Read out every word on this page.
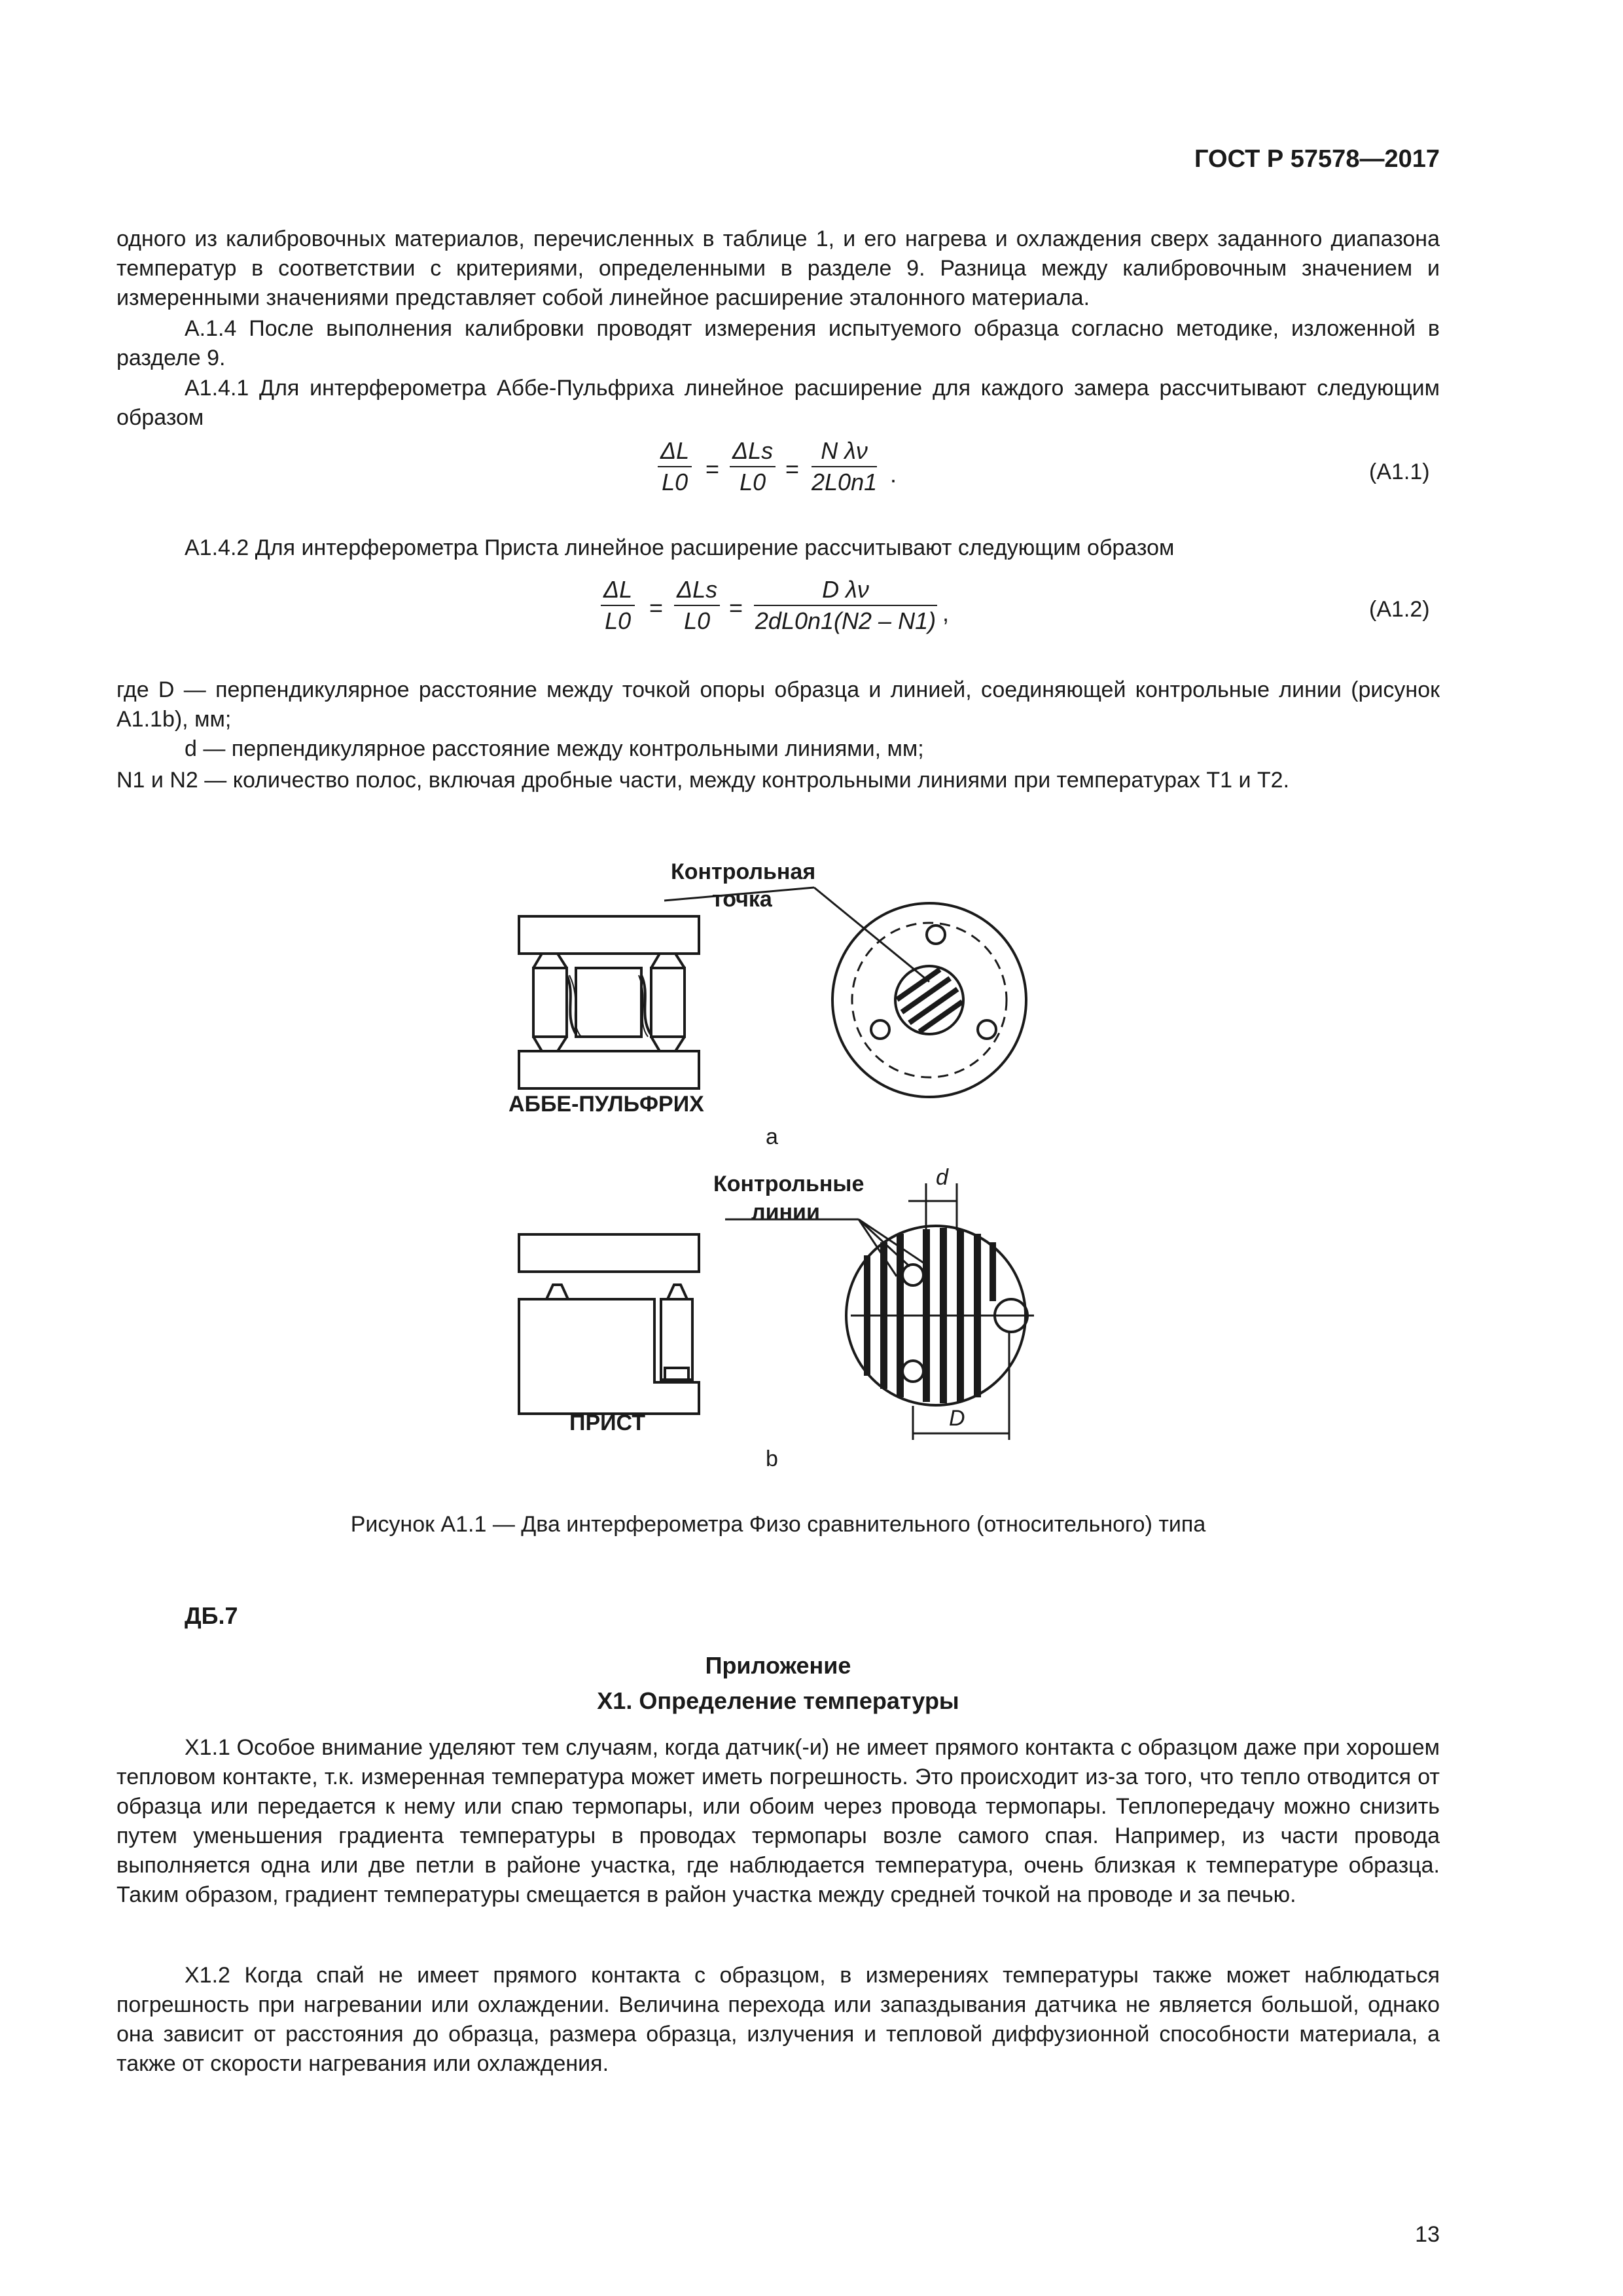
ГОСТ Р 57578—2017
одного из калибровочных материалов, перечисленных в таблице 1, и его нагрева и охлаждения сверх заданного диапазона температур в соответствии с критериями, определенными в разделе 9. Разница между калибровочным значением и измеренными значениями представляет собой линейное расширение эталонного материала.
А.1.4 После выполнения калибровки проводят измерения испытуемого образца согласно методике, изложенной в разделе 9.
А1.4.1 Для интерферометра Аббе-Пульфриха линейное расширение для каждого замера рассчитывают следующим образом
$\frac{\Delta L}{L0}$ =
ΔLs
$L0 = \frac{\text{N λν}}{2L0n1}$ .	(А1.1)
А1.4.2 Для интерферометра Приста линейное расширение рассчитывают следующим образом
$\frac{\Delta L}{L0}$ =
ΔLs
$L0 = \frac{\text{D λν}}{2dL0n1(N2 - N1)}$ ,	(А1.2)
где D — перпендикулярное расстояние между точкой опоры образца и линией, соединяющей контрольные линии (рисунок А1.1b), мм;
d — перпендикулярное расстояние между контрольными линиями, мм;
N1 и N2 — количество полос, включая дробные части, между контрольными линиями при температурах T1 и T2.
Контрольная
точка
АББЕ-ПУЛЬФРИХ
a
Контрольные
линии
d
D
ПРИСТ
b
Рисунок А1.1 — Два интерферометра Физо сравнительного (относительного) типа
ДБ.7
Приложение
X1. Определение температуры
X1.1 Особое внимание уделяют тем случаям, когда датчик(-и) не имеет прямого контакта с образцом даже при хорошем тепловом контакте, т.к. измеренная температура может иметь погрешность. Это происходит из-за того, что тепло отводится от образца или передается к нему или спаю термопары, или обоим через провода термопары. Теплопередачу можно снизить путем уменьшения градиента температуры в проводах термопары возле самого спая. Например, из части провода выполняется одна или две петли в районе участка, где наблюдается температура, очень близкая к температуре образца. Таким образом, градиент температуры смещается в район участка между средней точкой на проводе и за печью.
X1.2 Когда спай не имеет прямого контакта с образцом, в измерениях температуры также может наблюдаться погрешность при нагревании или охлаждении. Величина перехода или запаздывания датчика не является большой, однако она зависит от расстояния до образца, размера образца, излучения и тепловой диффузионной способности материала, а также от скорости нагревания или охлаждения.
13
